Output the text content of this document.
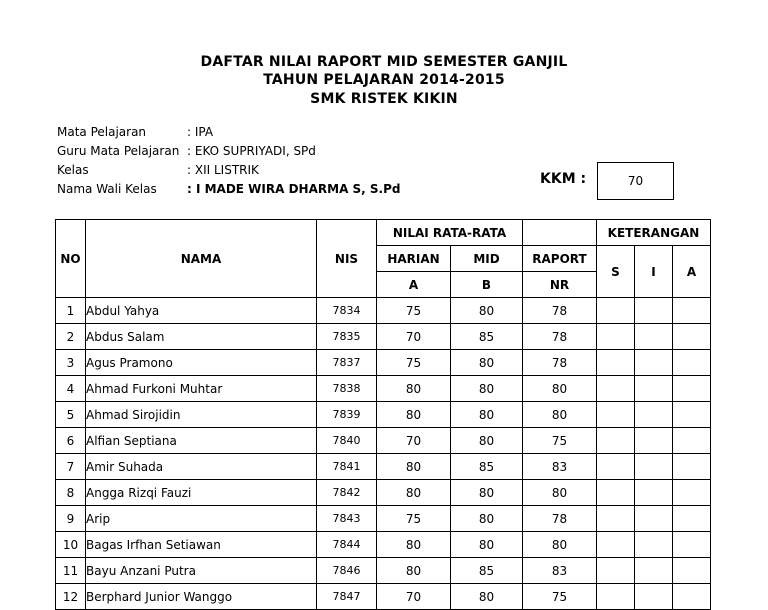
DAFTAR NILAI RAPORT MID SEMESTER GANJIL
TAHUN PELAJARAN 2014-2015
SMK RISTEK KIKIN
Mata Pelajaran	: IPA
Guru Mata Pelajaran : EKO SUPRIYADI, SPd
Kelas	: XII LISTRIK
Nama Wali Kelas	: I MADE WIRA DHARMA S, S.Pd
KKM :	70
NO	NAMA	NIS	NILAI RATA-RATA			KETERANGAN		
			HARIAN	MID	RAPORT	S	I	A
			A	B	NR			
1	Abdul Yahya	7834	75	80	78			
2	Abdus Salam	7835	70	85	78			
3	Agus Pramono	7837	75	80	78			
4	Ahmad Furkoni Muhtar	7838	80	80	80			
5	Ahmad Sirojidin	7839	80	80	80			
6	Alfian Septiana	7840	70	80	75			
7	Amir Suhada	7841	80	85	83			
8	Angga Rizqi Fauzi	7842	80	80	80			
9	Arip	7843	75	80	78			
10	Bagas Irfhan Setiawan	7844	80	80	80			
11	Bayu Anzani Putra	7846	80	85	83			
12	Berphard Junior Wanggo	7847	70	80	75			
